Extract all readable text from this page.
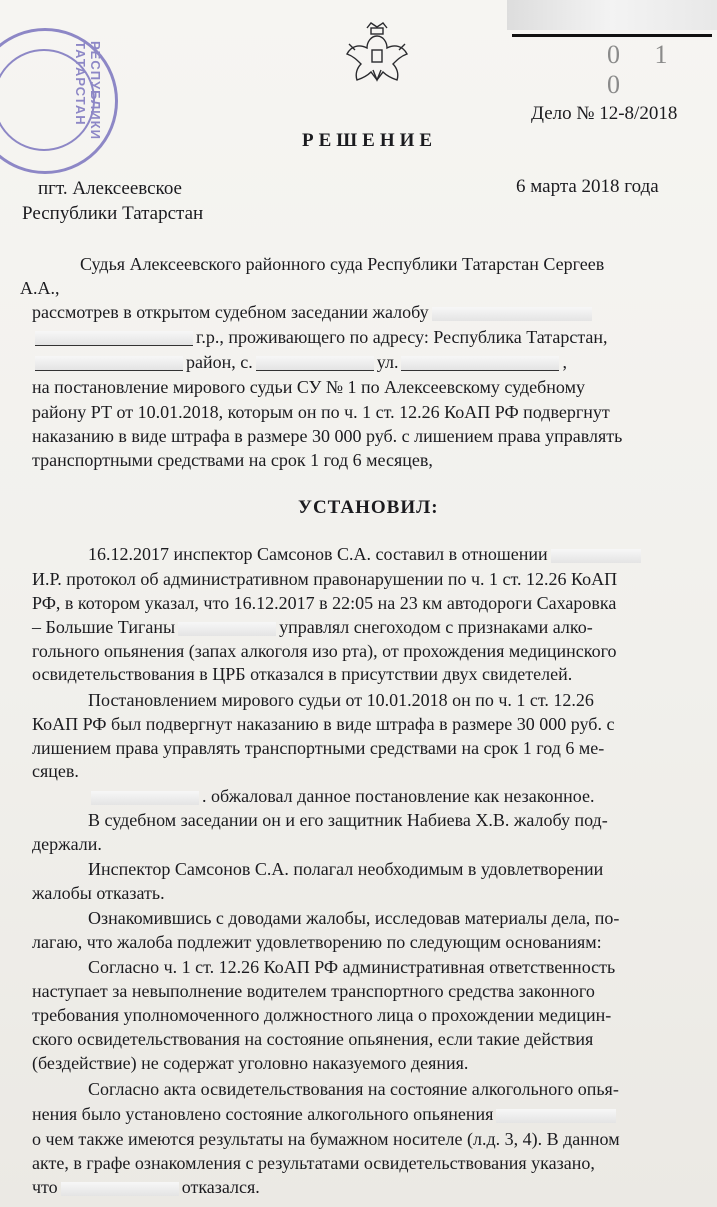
РЕСПУБЛИКИ ТАТАРСТАН	0 1 0
Дело № 12-8/2018
РЕШЕНИЕ
пгт. Алексеевское
Республики Татарстан
6 марта 2018 года
Судья Алексеевского районного суда Республики Татарстан Сергеев
А.А.,
рассмотрев в открытом судебном заседании жалобу
г.р., проживающего по адресу: Республика Татарстан,
район, с.	ул.	,
на постановление мирового судьи СУ № 1 по Алексеевскому судебному
району РТ от 10.01.2018, которым он по ч. 1 ст. 12.26 КоАП РФ подвергнут
наказанию в виде штрафа в размере 30 000 руб. с лишением права управлять
транспортными средствами на срок 1 год 6 месяцев,
УСТАНОВИЛ:
16.12.2017 инспектор Самсонов С.А. составил в отношении
И.Р. протокол об административном правонарушении по ч. 1 ст. 12.26 КоАП
РФ, в котором указал, что 16.12.2017 в 22:05 на 23 км автодороги Сахаровка
– Большие Тиганы	управлял снегоходом с признаками алко-
гольного опьянения (запах алкоголя изо рта), от прохождения медицинского
освидетельствования в ЦРБ отказался в присутствии двух свидетелей.
Постановлением мирового судьи от 10.01.2018 он по ч. 1 ст. 12.26
КоАП РФ был подвергнут наказанию в виде штрафа в размере 30 000 руб. с
лишением права управлять транспортными средствами на срок 1 год 6 ме-
сяцев.
. обжаловал данное постановление как незаконное.
В судебном заседании он и его защитник Набиева Х.В. жалобу под-
держали.
Инспектор Самсонов С.А. полагал необходимым в удовлетворении
жалобы отказать.
Ознакомившись с доводами жалобы, исследовав материалы дела, по-
лагаю, что жалоба подлежит удовлетворению по следующим основаниям:
Согласно ч. 1 ст. 12.26 КоАП РФ административная ответственность
наступает за невыполнение водителем транспортного средства законного
требования уполномоченного должностного лица о прохождении медицин-
ского освидетельствования на состояние опьянения, если такие действия
(бездействие) не содержат уголовно наказуемого деяния.
Согласно акта освидетельствования на состояние алкогольного опья-
нения было установлено состояние алкогольного опьянения
о чем также имеются результаты на бумажном носителе (л.д. 3, 4). В данном
акте, в графе ознакомления с результатами освидетельствования указано,
что	отказался.
